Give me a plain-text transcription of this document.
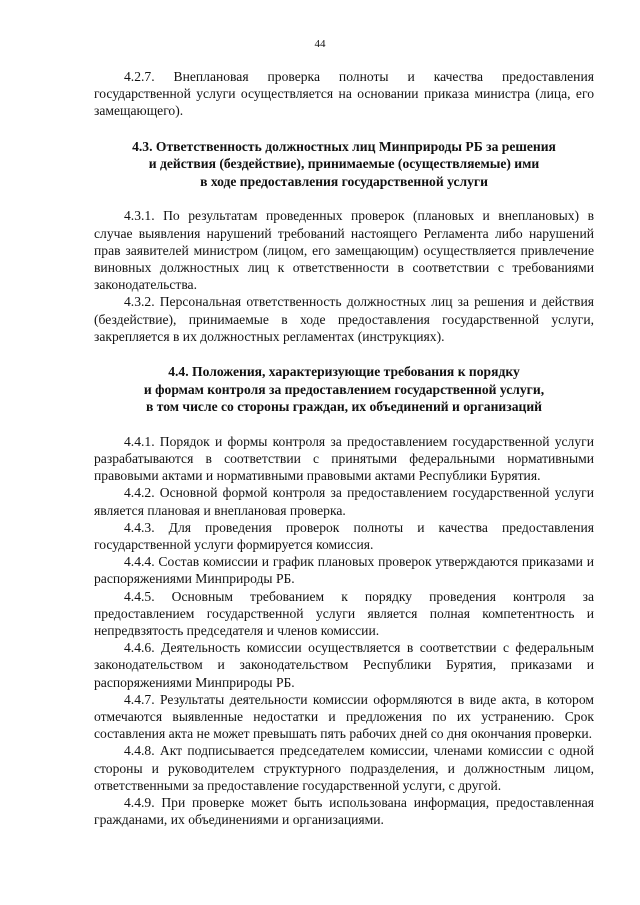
44

4.2.7. Внеплановая проверка полноты и качества предоставления государственной услуги осуществляется на основании приказа министра (лица, его замещающего).

4.3. Ответственность должностных лиц Минприроды РБ за решения
и действия (бездействие), принимаемые (осуществляемые) ими
в ходе предоставления государственной услуги

4.3.1. По результатам проведенных проверок (плановых и внеплановых) в случае выявления нарушений требований настоящего Регламента либо нарушений прав заявителей министром (лицом, его замещающим) осуществляется привлечение виновных должностных лиц к ответственности в соответствии с требованиями законодательства.

4.3.2. Персональная ответственность должностных лиц за решения и действия (бездействие), принимаемые в ходе предоставления государственной услуги, закрепляется в их должностных регламентах (инструкциях).

4.4. Положения, характеризующие требования к порядку
и формам контроля за предоставлением государственной услуги,
в том числе со стороны граждан, их объединений и организаций

4.4.1. Порядок и формы контроля за предоставлением государственной услуги разрабатываются в соответствии с принятыми федеральными нормативными правовыми актами и нормативными правовыми актами Республики Бурятия.

4.4.2. Основной формой контроля за предоставлением государственной услуги является плановая и внеплановая проверка.

4.4.3. Для проведения проверок полноты и качества предоставления государственной услуги формируется комиссия.

4.4.4. Состав комиссии и график плановых проверок утверждаются приказами и распоряжениями Минприроды РБ.

4.4.5. Основным требованием к порядку проведения контроля за предоставлением государственной услуги является полная компетентность и непредвзятость председателя и членов комиссии.

4.4.6. Деятельность комиссии осуществляется в соответствии с федеральным законодательством и законодательством Республики Бурятия, приказами и распоряжениями Минприроды РБ.

4.4.7. Результаты деятельности комиссии оформляются в виде акта, в котором отмечаются выявленные недостатки и предложения по их устранению. Срок составления акта не может превышать пять рабочих дней со дня окончания проверки.

4.4.8. Акт подписывается председателем комиссии, членами комиссии с одной стороны и руководителем структурного подразделения, и должностным лицом, ответственными за предоставление государственной услуги, с другой.

4.4.9. При проверке может быть использована информация, предоставленная гражданами, их объединениями и организациями.
